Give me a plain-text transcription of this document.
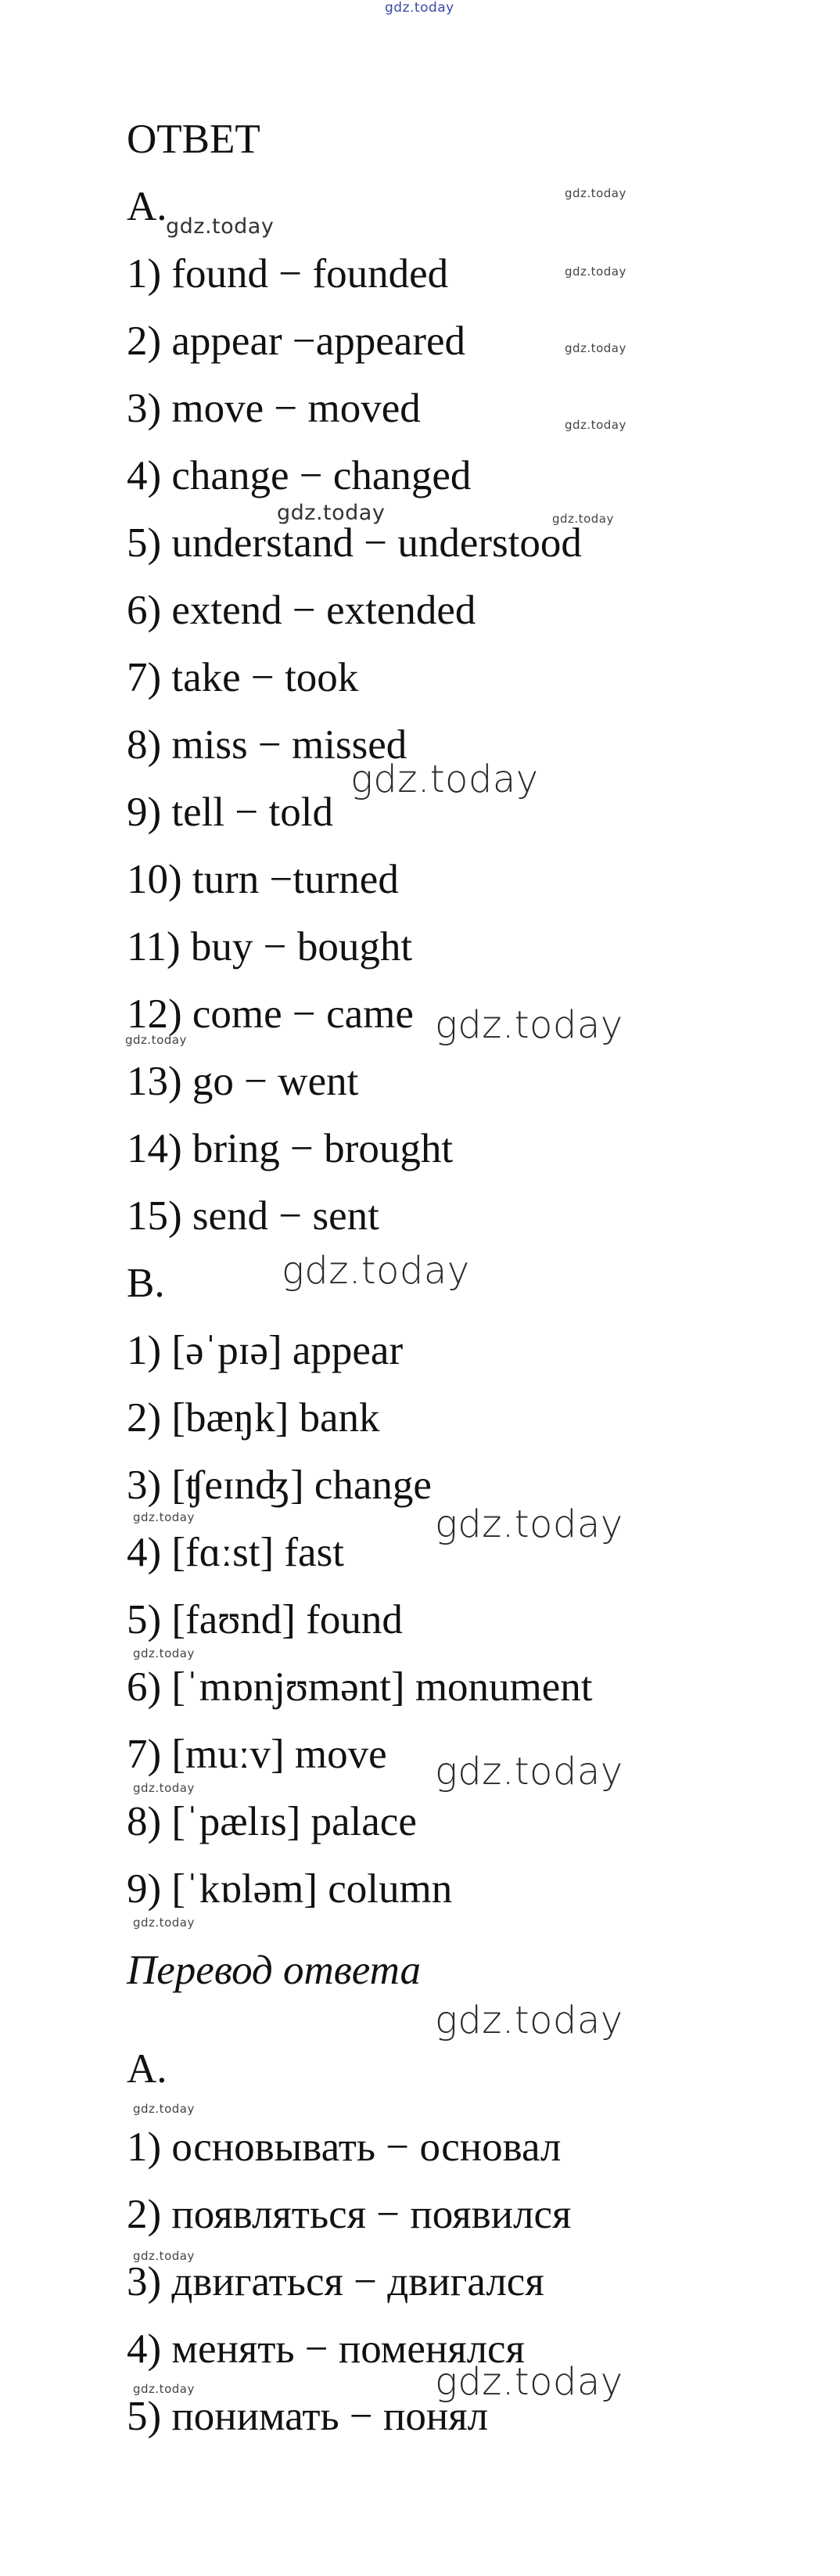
gdz.today
ОТВЕТ
A.
1) found − founded
2) appear −appeared
3) move − moved
4) change − changed
5) understand − understood
6) extend − extended
7) take − took
8) miss − missed
9) tell − told
10) turn −turned
11) buy − bought
12) come − came
13) go − went
14) bring − brought
15) send − sent
B.
1) [əˈpɪə] appear
2) [bæŋk] bank
3) [ʧeɪnʤ] change
4) [fɑːst] fast
5) [faʊnd] found
6) [ˈmɒnjʊmənt] monument
7) [muːv] move
8) [ˈpælɪs] palace
9) [ˈkɒləm] column
Перевод ответа
A.
1) основывать − основал
2) появляться − появился
3) двигаться − двигался
4) менять − поменялся
5) понимать − понял
gdz.today
gdz.today
gdz.today
gdz.today
gdz.today
gdz.today	gdz.today
gdz.today
gdz.today
gdz.today
gdz.today
gdz.today	gdz.today
gdz.today
gdz.today
gdz.today
gdz.today
gdz.today
gdz.today
gdz.today
gdz.today	gdz.today
